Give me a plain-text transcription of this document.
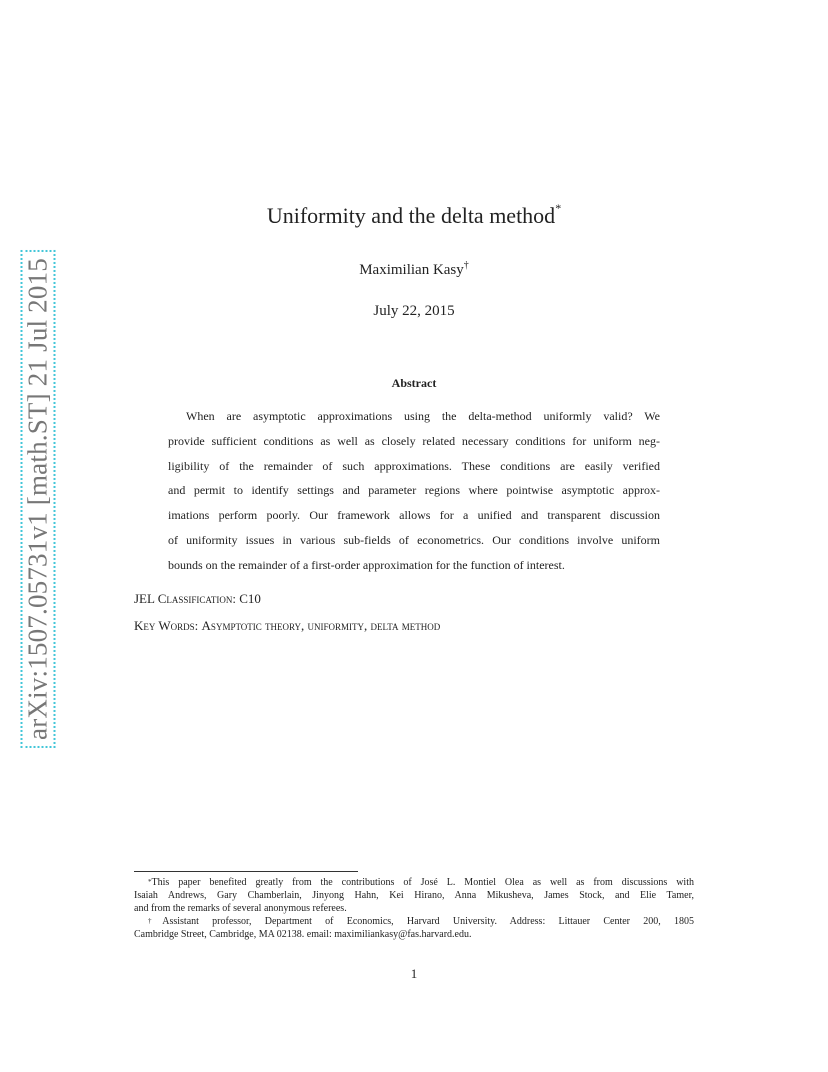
arXiv:1507.05731v1 [math.ST] 21 Jul 2015
Uniformity and the delta method*
Maximilian Kasy†
July 22, 2015
Abstract
When are asymptotic approximations using the delta-method uniformly valid? We
provide sufficient conditions as well as closely related necessary conditions for uniform neg-
ligibility of the remainder of such approximations. These conditions are easily verified
and permit to identify settings and parameter regions where pointwise asymptotic approx-
imations perform poorly. Our framework allows for a unified and transparent discussion
of uniformity issues in various sub-fields of econometrics. Our conditions involve uniform
bounds on the remainder of a first-order approximation for the function of interest.
JEL Classification: C10
Key Words: Asymptotic theory, uniformity, delta method
*This paper benefited greatly from the contributions of José L. Montiel Olea as well as from discussions with
Isaiah Andrews, Gary Chamberlain, Jinyong Hahn, Kei Hirano, Anna Mikusheva, James Stock, and Elie Tamer,
and from the remarks of several anonymous referees.
†Assistant professor, Department of Economics, Harvard University. Address: Littauer Center 200, 1805
Cambridge Street, Cambridge, MA 02138. email: maximiliankasy@fas.harvard.edu.
1
